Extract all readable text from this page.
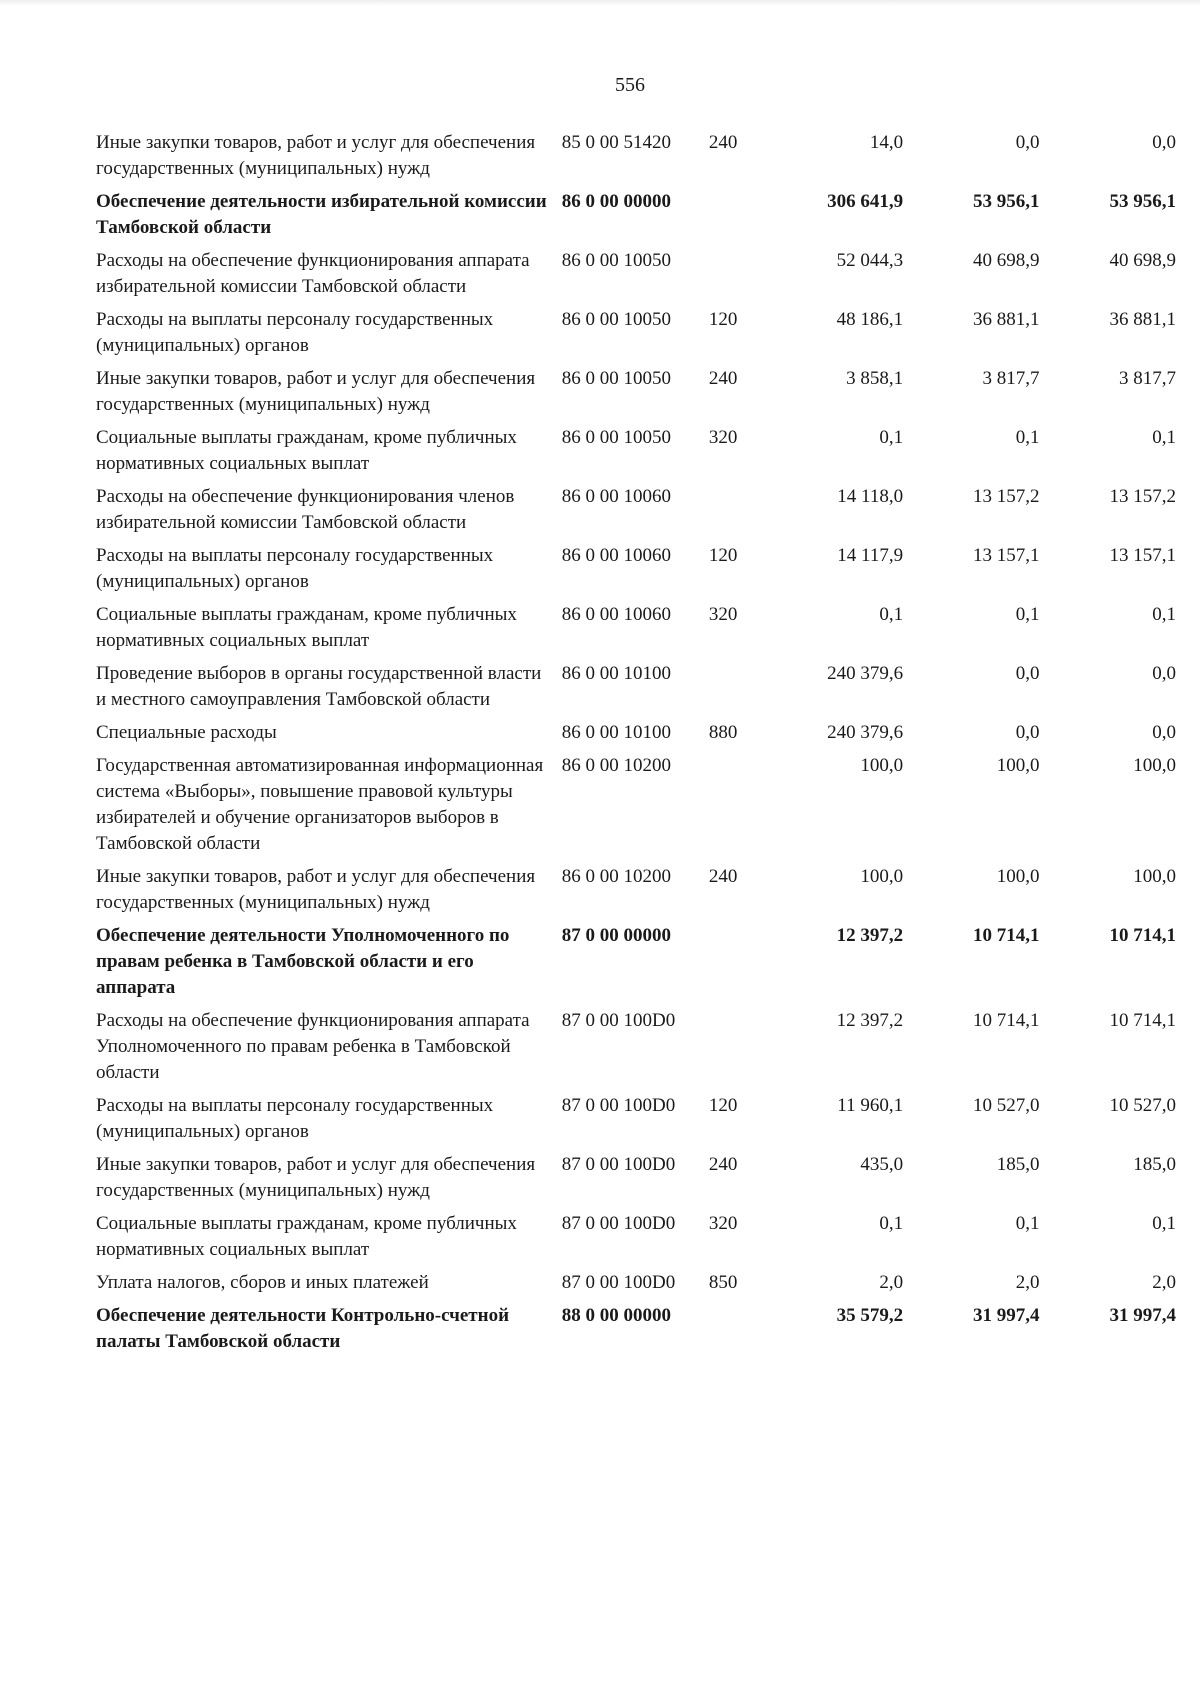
556
Иные закупки товаров, работ и услуг для обеспечения государственных (муниципальных) нужд	85 0 00 51420	240	14,0	0,0	0,0
Обеспечение деятельности избирательной комиссии Тамбовской области	86 0 00 00000		306 641,9	53 956,1	53 956,1
Расходы на обеспечение функционирования аппарата избирательной комиссии Тамбовской области	86 0 00 10050		52 044,3	40 698,9	40 698,9
Расходы на выплаты персоналу государственных (муниципальных) органов	86 0 00 10050	120	48 186,1	36 881,1	36 881,1
Иные закупки товаров, работ и услуг для обеспечения государственных (муниципальных) нужд	86 0 00 10050	240	3 858,1	3 817,7	3 817,7
Социальные выплаты гражданам, кроме публичных нормативных социальных выплат	86 0 00 10050	320	0,1	0,1	0,1
Расходы на обеспечение функционирования членов избирательной комиссии Тамбовской области	86 0 00 10060		14 118,0	13 157,2	13 157,2
Расходы на выплаты персоналу государственных (муниципальных) органов	86 0 00 10060	120	14 117,9	13 157,1	13 157,1
Социальные выплаты гражданам, кроме публичных нормативных социальных выплат	86 0 00 10060	320	0,1	0,1	0,1
Проведение выборов в органы государственной власти и местного самоуправления Тамбовской области	86 0 00 10100		240 379,6	0,0	0,0
Специальные расходы	86 0 00 10100	880	240 379,6	0,0	0,0
Государственная автоматизированная информационная система «Выборы», повышение правовой культуры избирателей и обучение организаторов выборов в Тамбовской области	86 0 00 10200		100,0	100,0	100,0
Иные закупки товаров, работ и услуг для обеспечения государственных (муниципальных) нужд	86 0 00 10200	240	100,0	100,0	100,0
Обеспечение деятельности Уполномоченного по правам ребенка в Тамбовской области и его аппарата	87 0 00 00000		12 397,2	10 714,1	10 714,1
Расходы на обеспечение функционирования аппарата Уполномоченного по правам ребенка в Тамбовской области	87 0 00 100D0		12 397,2	10 714,1	10 714,1
Расходы на выплаты персоналу государственных (муниципальных) органов	87 0 00 100D0	120	11 960,1	10 527,0	10 527,0
Иные закупки товаров, работ и услуг для обеспечения государственных (муниципальных) нужд	87 0 00 100D0	240	435,0	185,0	185,0
Социальные выплаты гражданам, кроме публичных нормативных социальных выплат	87 0 00 100D0	320	0,1	0,1	0,1
Уплата налогов, сборов и иных платежей	87 0 00 100D0	850	2,0	2,0	2,0
Обеспечение деятельности Контрольно-счетной палаты Тамбовской области	88 0 00 00000		35 579,2	31 997,4	31 997,4
